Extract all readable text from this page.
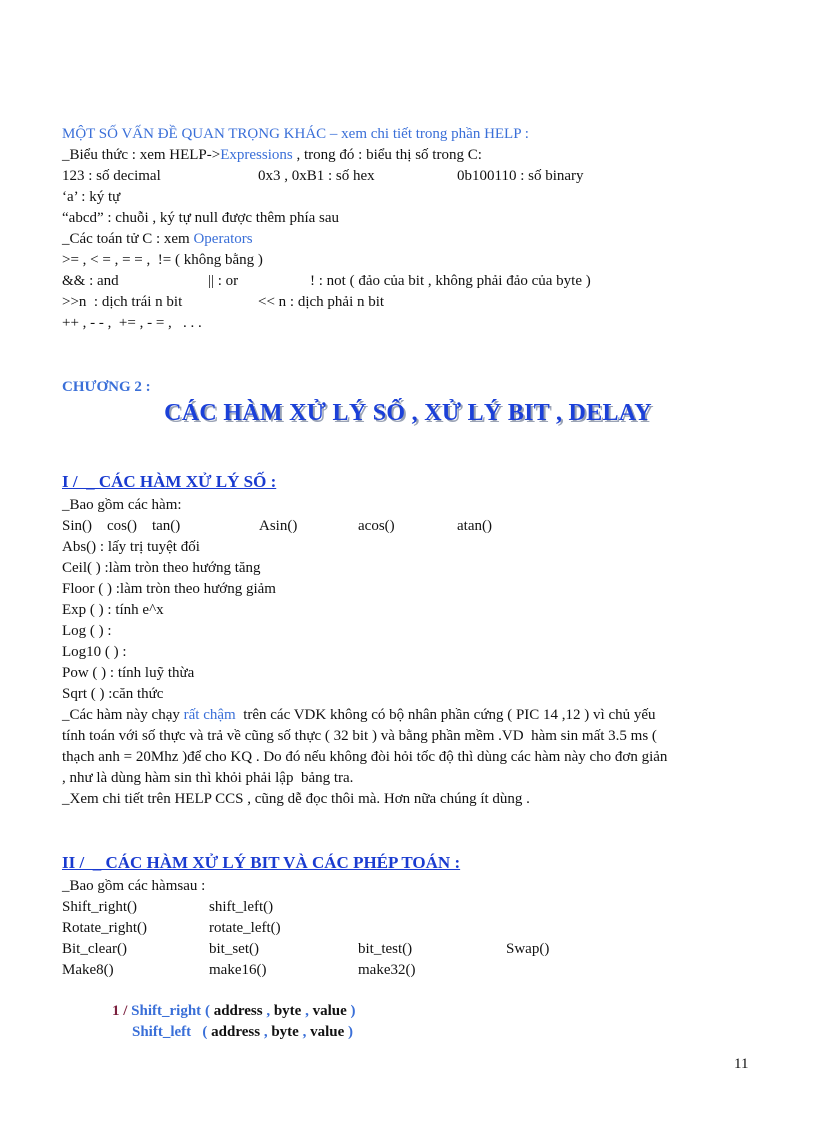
MỘT SỐ VẤN ĐỀ QUAN TRỌNG KHÁC – xem chi tiết trong phần HELP :
_Biểu thức : xem HELP->Expressions , trong đó : biểu thị số trong C:
123 : số decimal	0x3 , 0xB1 : số hex	0b100110 : số binary
‘a’ : ký tự
“abcd” : chuỗi , ký tự null được thêm phía sau
_Các toán tử C : xem Operators
>= , < = , = = ,  != ( không bằng )
&& : and	|| : or	! : not ( đảo của bit , không phải đảo của byte )
>>n  : dịch trái n bit	<< n : dịch phải n bit
++ , - - ,  += , - = ,   . . .
CHƯƠNG 2 :
CÁC HÀM XỬ LÝ SỐ , XỬ LÝ BIT , DELAY
I /  _ CÁC HÀM XỬ LÝ SỐ :
_Bao gồm các hàm:
Sin()    cos()    tan()	Asin()	acos()	atan()
Abs() : lấy trị tuyệt đối
Ceil( ) :làm tròn theo hướng tăng
Floor ( ) :làm tròn theo hướng giảm
Exp ( ) : tính e^x
Log ( ) :
Log10 ( ) :
Pow ( ) : tính luỹ thừa
Sqrt ( ) :căn thức
_Các hàm này chạy rất chậm  trên các VDK không có bộ nhân phần cứng ( PIC 14 ,12 ) vì chủ yếu
tính toán với số thực và trả về cũng số thực ( 32 bit ) và bằng phần mềm .VD  hàm sin mất 3.5 ms (
thạch anh = 20Mhz )để cho KQ . Do đó nếu không đòi hỏi tốc độ thì dùng các hàm này cho đơn giản
, như là dùng hàm sin thì khỏi phải lập  bảng tra.
_Xem chi tiết trên HELP CCS , cũng dễ đọc thôi mà. Hơn nữa chúng ít dùng .
II /  _ CÁC HÀM XỬ LÝ BIT VÀ CÁC PHÉP TOÁN :
_Bao gồm các hàmsau :
Shift_right()	shift_left()
Rotate_right()	rotate_left()
Bit_clear()	bit_set()	bit_test()	Swap()
Make8()	make16()	make32()
1 / Shift_right ( address , byte , value )
Shift_left   ( address , byte , value )
11
